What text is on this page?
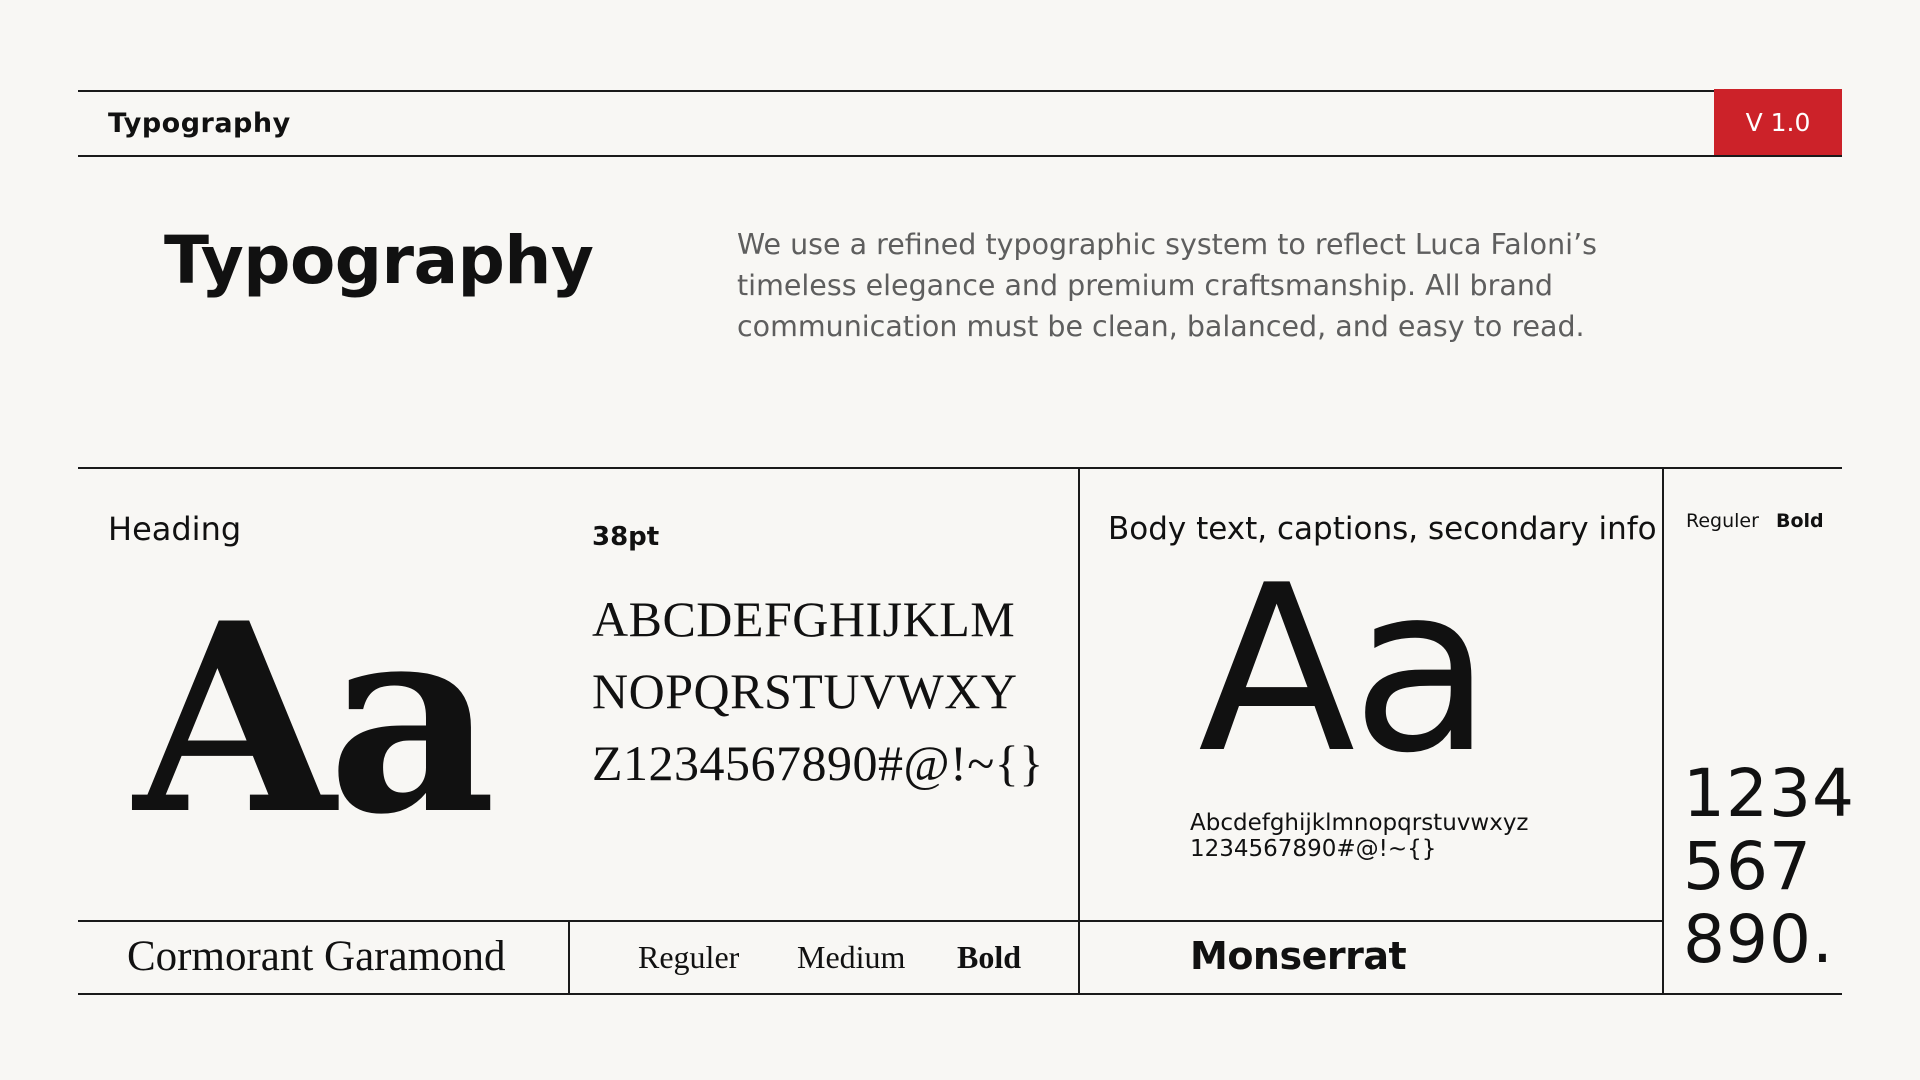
Typography	V 1.0
Typography	We use a refined typographic system to reflect Luca Faloni’s timeless elegance and premium craftsmanship. All brand communication must be clean, balanced, and easy to read.
Heading
Aa
38pt
ABCDEFGHIJKLM
NOPQRSTUVWXY
Z1234567890#@!~{}
Cormorant Garamond	Reguler Medium Bold
Body text, captions, secondary info
Aa
Abcdefghijklmnopqrstuvwxyz
1234567890#@!~{}
Monserrat
Reguler Bold
1234
567
890.
